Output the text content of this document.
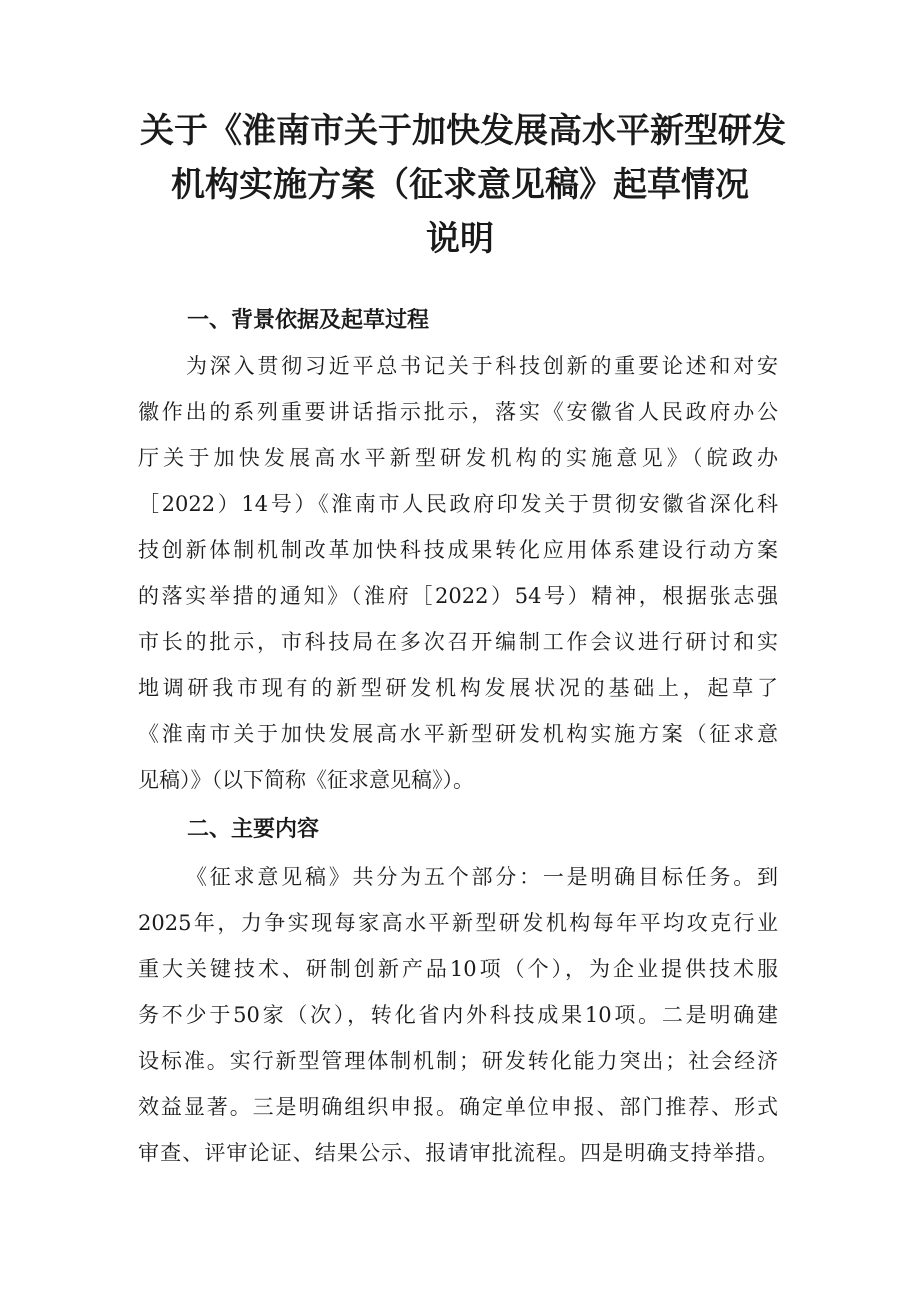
关于《淮南市关于加快发展高水平新型研发
机构实施方案（征求意见稿》起草情况
说明
一、背景依据及起草过程
为深入贯彻习近平总书记关于科技创新的重要论述和对安
徽作出的系列重要讲话指示批示，落实《安徽省人民政府办公
厅关于加快发展高水平新型研发机构的实施意见》（皖政办
［2022）14号）《淮南市人民政府印发关于贯彻安徽省深化科
技创新体制机制改革加快科技成果转化应用体系建设行动方案
的落实举措的通知》（淮府［2022）54号）精神，根据张志强
市长的批示，市科技局在多次召开编制工作会议进行研讨和实
地调研我市现有的新型研发机构发展状况的基础上，起草了
《淮南市关于加快发展高水平新型研发机构实施方案（征求意
见稿）》（以下简称《征求意见稿》）。
二、主要内容
《征求意见稿》共分为五个部分：一是明确目标任务。到
2025年，力争实现每家高水平新型研发机构每年平均攻克行业
重大关键技术、研制创新产品10项（个），为企业提供技术服
务不少于50家（次），转化省内外科技成果10项。二是明确建
设标准。实行新型管理体制机制；研发转化能力突出；社会经济
效益显著。三是明确组织申报。确定单位申报、部门推荐、形式
审查、评审论证、结果公示、报请审批流程。四是明确支持举措。
